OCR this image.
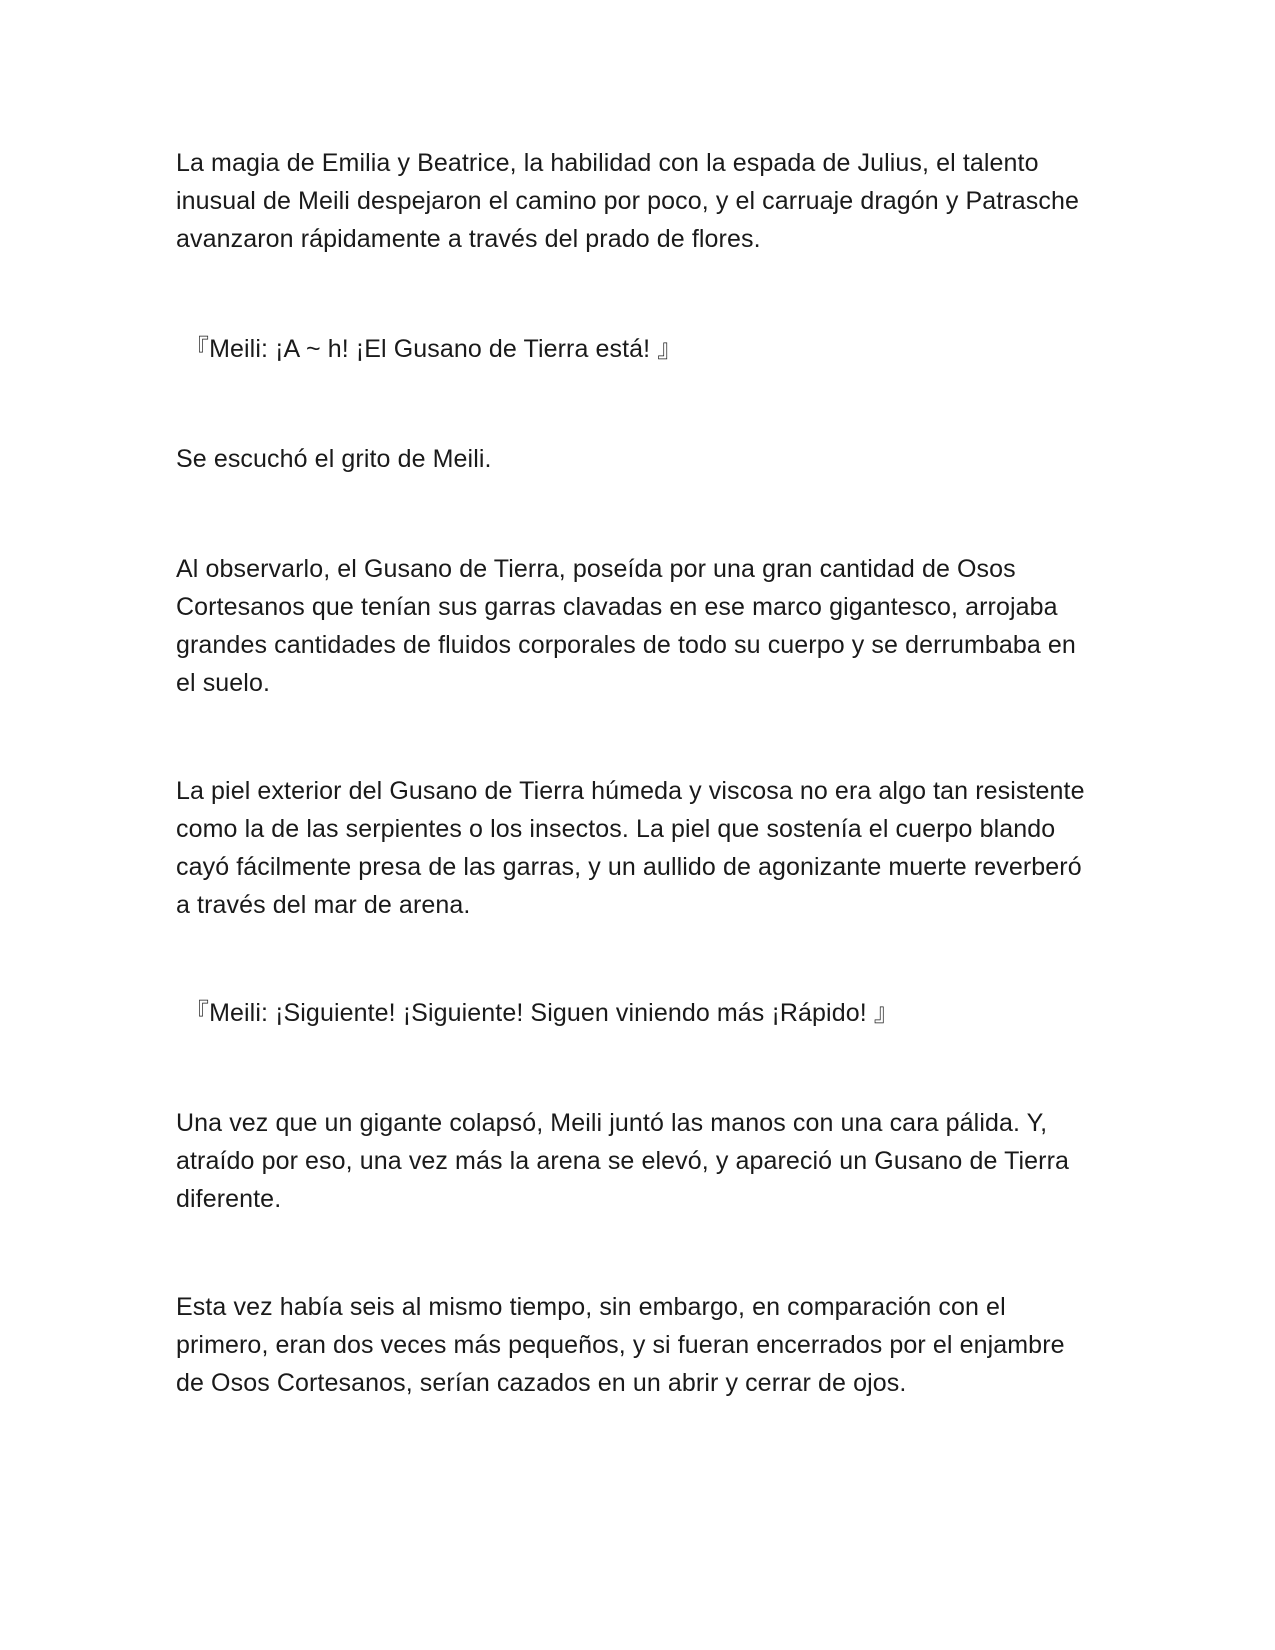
La magia de Emilia y Beatrice, la habilidad con la espada de Julius, el talento inusual de Meili despejaron el camino por poco, y el carruaje dragón y Patrasche avanzaron rápidamente a través del prado de flores.

『Meili: ¡A ~ h! ¡El Gusano de Tierra está! 』

Se escuchó el grito de Meili.

Al observarlo, el Gusano de Tierra, poseída por una gran cantidad de Osos Cortesanos que tenían sus garras clavadas en ese marco gigantesco, arrojaba grandes cantidades de fluidos corporales de todo su cuerpo y se derrumbaba en el suelo.

La piel exterior del Gusano de Tierra húmeda y viscosa no era algo tan resistente como la de las serpientes o los insectos. La piel que sostenía el cuerpo blando cayó fácilmente presa de las garras, y un aullido de agonizante muerte reverberó a través del mar de arena.

『Meili: ¡Siguiente! ¡Siguiente! Siguen viniendo más ¡Rápido! 』

Una vez que un gigante colapsó, Meili juntó las manos con una cara pálida. Y, atraído por eso, una vez más la arena se elevó, y apareció un Gusano de Tierra diferente.

Esta vez había seis al mismo tiempo, sin embargo, en comparación con el primero, eran dos veces más pequeños, y si fueran encerrados por el enjambre de Osos Cortesanos, serían cazados en un abrir y cerrar de ojos.
